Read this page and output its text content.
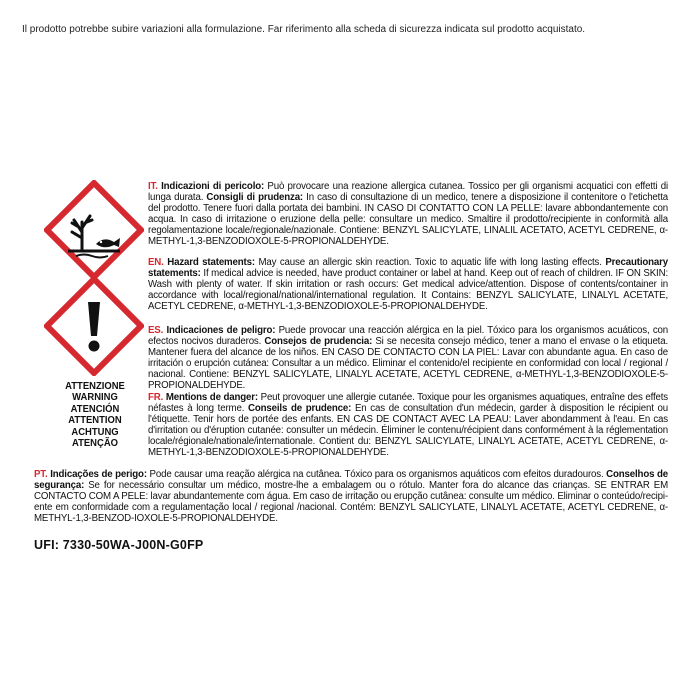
Il prodotto potrebbe subire variazioni alla formulazione. Far riferimento alla scheda di sicurezza indicata sul prodotto acquistato.
ATTENZIONE
WARNING
ATENCIÓN
ATTENTION
ACHTUNG
ATENÇÃO
IT. Indicazioni di pericolo: Può provocare una reazione allergica cutanea. Tossico per gli organismi acquatici con effetti di lunga durata. Consigli di prudenza: In caso di consultazione di un medico, tenere a disposizione il contenitore o l'etichetta del prodotto. Tenere fuori dalla portata dei bambini. IN CASO DI CONTATTO CON LA PELLE: lavare abbondantemente con acqua. In caso di irritazione o eruzione della pelle: consultare un medico. Smaltire il prodotto/recipiente in conformità alla regolamentazione locale/regionale/nazionale. Contiene: BENZYL SALICYLATE, LINALIL ACETATO, ACETYL CEDRENE, α-METHYL-1,3-BENZODIOXOLE-5-PROPIONALDEHYDE.
EN. Hazard statements: May cause an allergic skin reaction. Toxic to aquatic life with long lasting effects. Precautionary statements: If medical advice is needed, have product container or label at hand. Keep out of reach of children. IF ON SKIN: Wash with plenty of water. If skin irritation or rash occurs: Get medical advice/attention. Dispose of contents/container in accordance with local/regional/national/international regulation. It Contains: BENZYL SALICYLATE, LINALYL ACETATE, ACETYL CEDRENE, α-METHYL-1,3-BENZODIOXOLE-5-PROPIONALDEHYDE.
ES. Indicaciones de peligro: Puede provocar una reacción alérgica en la piel. Tóxico para los organismos acuáticos, con efectos nocivos duraderos. Consejos de prudencia: Si se necesita consejo médico, tener a mano el envase o la etiqueta. Mantener fuera del alcance de los niños. EN CASO DE CONTACTO CON LA PIEL: Lavar con abundante agua. En caso de irritación o erupción cutánea: Consultar a un médico. Eliminar el contenido/el recipiente en conformidad con local / regional / nacional. Contiene: BENZYL SALICYLATE, LINALYL ACETATE, ACETYL CEDRENE, α-METHYL-1,3-BENZODIOXOLE-5-PROPIONALDEHYDE.
FR. Mentions de danger: Peut provoquer une allergie cutanée. Toxique pour les organismes aquatiques, entraîne des effets néfastes à long terme. Conseils de prudence: En cas de consultation d'un médecin, garder à disposition le récipient ou l'étiquette. Tenir hors de portée des enfants. EN CAS DE CONTACT AVEC LA PEAU: Laver abondamment à l'eau. En cas d'irritation ou d'éruption cutanée: consulter un médecin. Éliminer le contenu/récipient dans conformément à la réglementation locale/régionale/nationale/internationale. Contient du: BENZYL SALICYLATE, LINALYL ACETATE, ACETYL CEDRENE, α-METHYL-1,3-BENZODIOXOLE-5-PROPIONALDEHYDE.
PT. Indicações de perigo: Pode causar uma reação alérgica na cutânea. Tóxico para os organismos aquáticos com efeitos duradouros. Conselhos de segurança: Se for necessário consultar um médico, mostre-lhe a embalagem ou o rótulo. Manter fora do alcance das crianças. SE ENTRAR EM CONTACTO COM A PELE: lavar abundantemente com água. Em caso de irritação ou erupção cutânea: consulte um médico. Eliminar o conteúdo/recipi- ente em conformidade com a regulamentação local / regional /nacional. Contém: BENZYL SALICYLATE, LINALYL ACETATE, ACETYL CEDRENE, α-METHYL-1,3-BENZOD-IOXOLE-5-PROPIONALDEHYDE.
UFI: 7330-50WA-J00N-G0FP
